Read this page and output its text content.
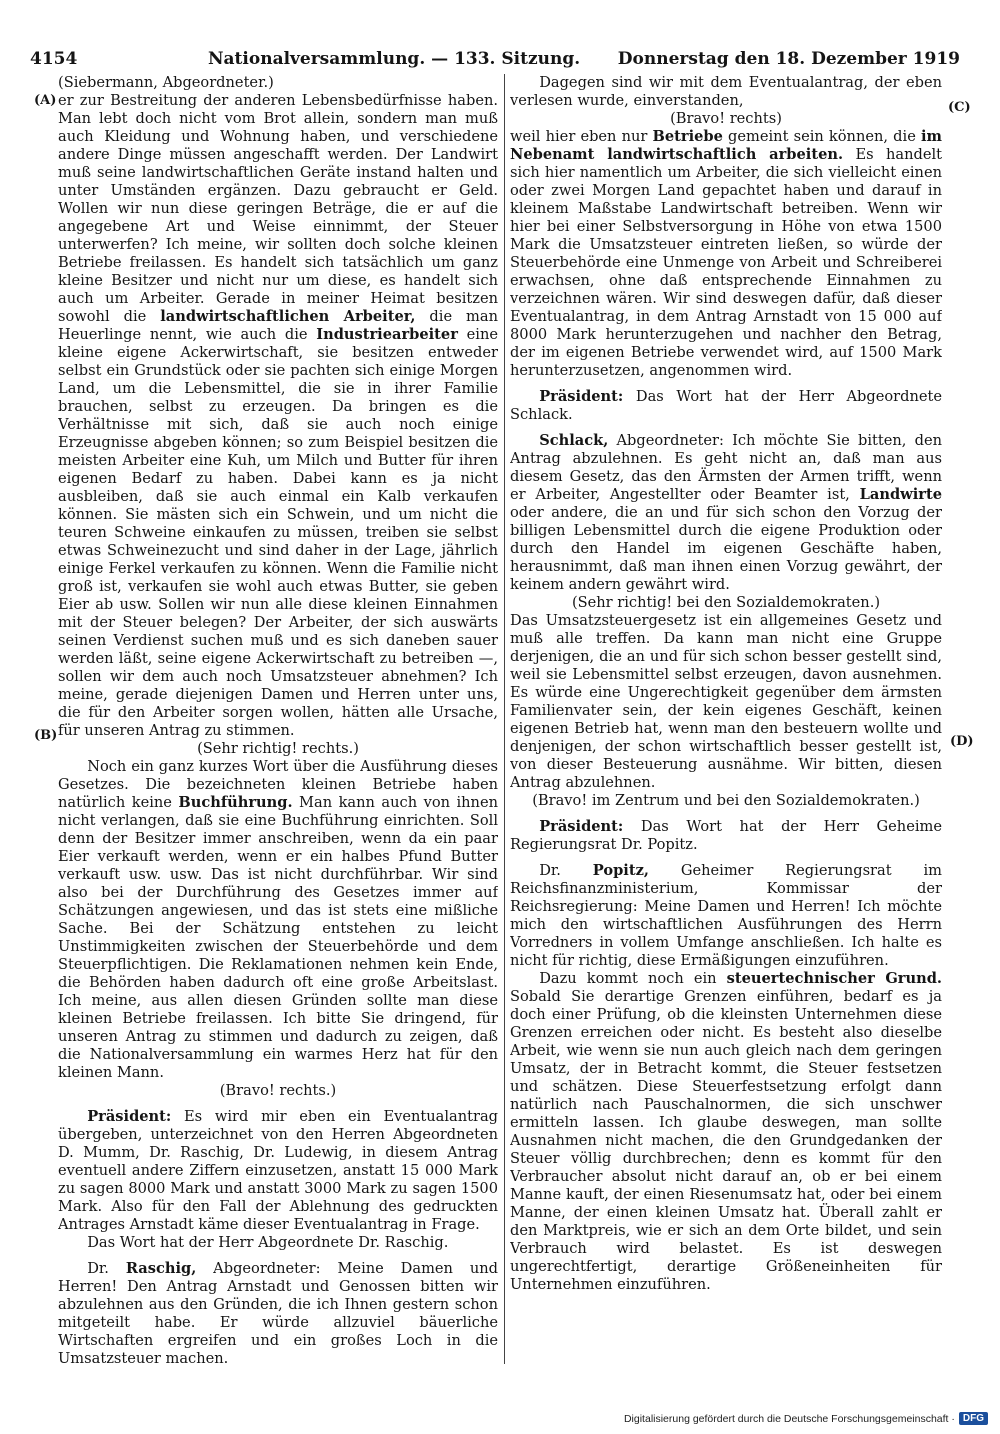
4154	Nationalversammlung. — 133. Sitzung. Donnerstag den 18. Dezember 1919
(A)
(B)
(C)
(D)

(Siebermann, Abgeordneter.)

er zur Bestreitung der anderen Lebensbedürfnisse haben. Man lebt doch nicht vom Brot allein, sondern man muß auch Kleidung und Wohnung haben, und verschiedene andere Dinge müssen angeschafft werden. Der Landwirt muß seine landwirtschaftlichen Geräte instand halten und unter Umständen ergänzen. Dazu gebraucht er Geld. Wollen wir nun diese geringen Beträge, die er auf die angegebene Art und Weise einnimmt, der Steuer unterwerfen? Ich meine, wir sollten doch solche kleinen Betriebe freilassen. Es handelt sich tatsächlich um ganz kleine Besitzer und nicht nur um diese, es handelt sich auch um Arbeiter. Gerade in meiner Heimat besitzen sowohl die landwirtschaftlichen Arbeiter, die man Heuerlinge nennt, wie auch die Industriearbeiter eine kleine eigene Ackerwirtschaft, sie besitzen entweder selbst ein Grundstück oder sie pachten sich einige Morgen Land, um die Lebensmittel, die sie in ihrer Familie brauchen, selbst zu erzeugen. Da bringen es die Verhältnisse mit sich, daß sie auch noch einige Erzeugnisse abgeben können; so zum Beispiel besitzen die meisten Arbeiter eine Kuh, um Milch und Butter für ihren eigenen Bedarf zu haben. Dabei kann es ja nicht ausbleiben, daß sie auch einmal ein Kalb verkaufen können. Sie mästen sich ein Schwein, und um nicht die teuren Schweine einkaufen zu müssen, treiben sie selbst etwas Schweinezucht und sind daher in der Lage, jährlich einige Ferkel verkaufen zu können. Wenn die Familie nicht groß ist, verkaufen sie wohl auch etwas Butter, sie geben Eier ab usw. Sollen wir nun alle diese kleinen Einnahmen mit der Steuer belegen? Der Arbeiter, der sich auswärts seinen Verdienst suchen muß und es sich daneben sauer werden läßt, seine eigene Ackerwirtschaft zu betreiben —, sollen wir dem auch noch Umsatzsteuer abnehmen? Ich meine, gerade diejenigen Damen und Herren unter uns, die für den Arbeiter sorgen wollen, hätten alle Ursache, für unseren Antrag zu stimmen.

(Sehr richtig! rechts.)

Noch ein ganz kurzes Wort über die Ausführung dieses Gesetzes. Die bezeichneten kleinen Betriebe haben natürlich keine Buchführung. Man kann auch von ihnen nicht verlangen, daß sie eine Buchführung einrichten. Soll denn der Besitzer immer anschreiben, wenn da ein paar Eier verkauft werden, wenn er ein halbes Pfund Butter verkauft usw. usw. Das ist nicht durchführbar. Wir sind also bei der Durchführung des Gesetzes immer auf Schätzungen angewiesen, und das ist stets eine mißliche Sache. Bei der Schätzung entstehen zu leicht Unstimmigkeiten zwischen der Steuerbehörde und dem Steuerpflichtigen. Die Reklamationen nehmen kein Ende, die Behörden haben dadurch oft eine große Arbeitslast. Ich meine, aus allen diesen Gründen sollte man diese kleinen Betriebe freilassen. Ich bitte Sie dringend, für unseren Antrag zu stimmen und dadurch zu zeigen, daß die Nationalversammlung ein warmes Herz hat für den kleinen Mann.

(Bravo! rechts.)

Präsident: Es wird mir eben ein Eventualantrag übergeben, unterzeichnet von den Herren Abgeordneten D. Mumm, Dr. Raschig, Dr. Ludewig, in diesem Antrag eventuell andere Ziffern einzusetzen, anstatt 15 000 Mark zu sagen 8000 Mark und anstatt 3000 Mark zu sagen 1500 Mark. Also für den Fall der Ablehnung des gedruckten Antrages Arnstadt käme dieser Eventualantrag in Frage.

Das Wort hat der Herr Abgeordnete Dr. Raschig.

Dr. Raschig, Abgeordneter: Meine Damen und Herren! Den Antrag Arnstadt und Genossen bitten wir abzulehnen aus den Gründen, die ich Ihnen gestern schon mitgeteilt habe. Er würde allzuviel bäuerliche Wirtschaften ergreifen und ein großes Loch in die Umsatzsteuer machen.

Dagegen sind wir mit dem Eventualantrag, der eben verlesen wurde, einverstanden,

(Bravo! rechts)

weil hier eben nur Betriebe gemeint sein können, die im Nebenamt landwirtschaftlich arbeiten. Es handelt sich hier namentlich um Arbeiter, die sich vielleicht einen oder zwei Morgen Land gepachtet haben und darauf in kleinem Maßstabe Landwirtschaft betreiben. Wenn wir hier bei einer Selbstversorgung in Höhe von etwa 1500 Mark die Umsatzsteuer eintreten ließen, so würde der Steuerbehörde eine Unmenge von Arbeit und Schreiberei erwachsen, ohne daß entsprechende Einnahmen zu verzeichnen wären. Wir sind deswegen dafür, daß dieser Eventualantrag, in dem Antrag Arnstadt von 15 000 auf 8000 Mark herunterzugehen und nachher den Betrag, der im eigenen Betriebe verwendet wird, auf 1500 Mark herunterzusetzen, angenommen wird.

Präsident: Das Wort hat der Herr Abgeordnete Schlack.

Schlack, Abgeordneter: Ich möchte Sie bitten, den Antrag abzulehnen. Es geht nicht an, daß man aus diesem Gesetz, das den Ärmsten der Armen trifft, wenn er Arbeiter, Angestellter oder Beamter ist, Landwirte oder andere, die an und für sich schon den Vorzug der billigen Lebensmittel durch die eigene Produktion oder durch den Handel im eigenen Geschäfte haben, herausnimmt, daß man ihnen einen Vorzug gewährt, der keinem andern gewährt wird.

(Sehr richtig! bei den Sozialdemokraten.)

Das Umsatzsteuergesetz ist ein allgemeines Gesetz und muß alle treffen. Da kann man nicht eine Gruppe derjenigen, die an und für sich schon besser gestellt sind, weil sie Lebensmittel selbst erzeugen, davon ausnehmen. Es würde eine Ungerechtigkeit gegenüber dem ärmsten Familienvater sein, der kein eigenes Geschäft, keinen eigenen Betrieb hat, wenn man den besteuern wollte und denjenigen, der schon wirtschaftlich besser gestellt ist, von dieser Besteuerung ausnähme. Wir bitten, diesen Antrag abzulehnen.

(Bravo! im Zentrum und bei den Sozialdemokraten.)

Präsident: Das Wort hat der Herr Geheime Regierungsrat Dr. Popitz.

Dr. Popitz, Geheimer Regierungsrat im Reichsfinanzministerium, Kommissar der Reichsregierung: Meine Damen und Herren! Ich möchte mich den wirtschaftlichen Ausführungen des Herrn Vorredners in vollem Umfange anschließen. Ich halte es nicht für richtig, diese Ermäßigungen einzuführen.

Dazu kommt noch ein steuertechnischer Grund. Sobald Sie derartige Grenzen einführen, bedarf es ja doch einer Prüfung, ob die kleinsten Unternehmen diese Grenzen erreichen oder nicht. Es besteht also dieselbe Arbeit, wie wenn sie nun auch gleich nach dem geringen Umsatz, der in Betracht kommt, die Steuer festsetzen und schätzen. Diese Steuerfestsetzung erfolgt dann natürlich nach Pauschalnormen, die sich unschwer ermitteln lassen. Ich glaube deswegen, man sollte Ausnahmen nicht machen, die den Grundgedanken der Steuer völlig durchbrechen; denn es kommt für den Verbraucher absolut nicht darauf an, ob er bei einem Manne kauft, der einen Riesenumsatz hat, oder bei einem Manne, der einen kleinen Umsatz hat. Überall zahlt er den Marktpreis, wie er sich an dem Orte bildet, und sein Verbrauch wird belastet. Es ist deswegen ungerechtfertigt, derartige Größeneinheiten für Unternehmen einzuführen.

Digitalisierung gefördert durch die Deutsche Forschungsgemeinschaft · DFG
